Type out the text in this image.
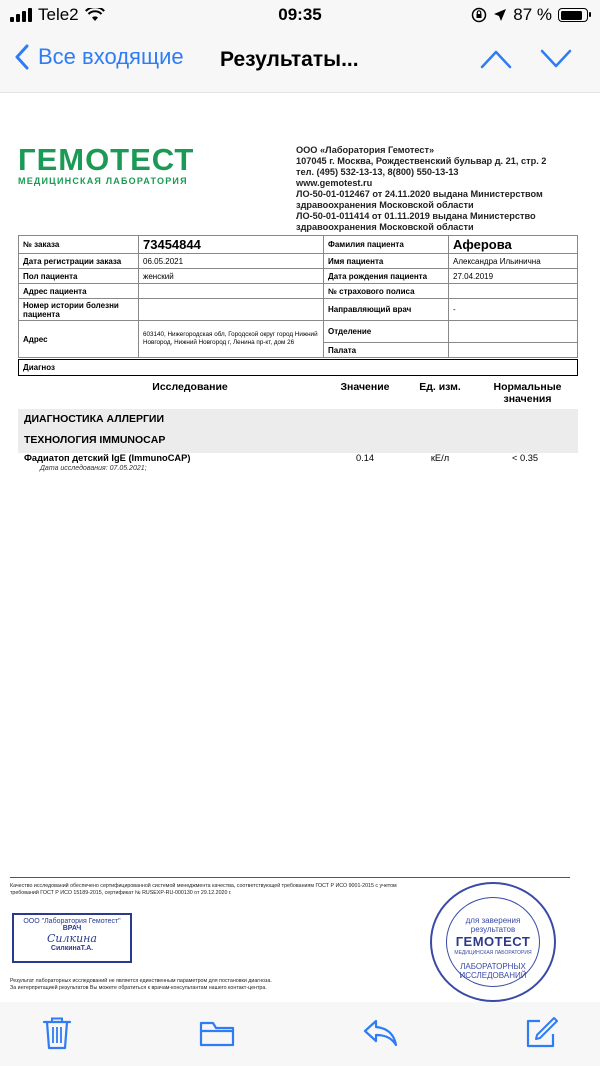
Tele2	09:35	87 %
Все входящие Результаты...
ГЕМОТЕСТ
МЕДИЦИНСКАЯ ЛАБОРАТОРИЯ
ООО «Лаборатория Гемотест»
107045 г. Москва, Рождественский бульвар д. 21, стр. 2
тел. (495) 532-13-13, 8(800) 550-13-13
www.gemotest.ru
ЛО-50-01-012467 от 24.11.2020 выдана Министерством здравоохранения Московской области
ЛО-50-01-011414 от 01.11.2019 выдана Министерство здравоохранения Московской области
№ заказа	73454844	Фамилия пациента	Аферова
Дата регистрации заказа	06.05.2021	Имя пациента	Александра Ильинична
Пол пациента	женский	Дата рождения пациента	27.04.2019
Адрес пациента		№ страхового полиса	
Номер истории болезни пациента		Направляющий врач	-
Адрес	603140, Нижегородская обл, Городской округ город Нижний Новгород, Нижний Новгород г, Ленина пр-кт, дом 26	Отделение	
		Палата	
Диагноз
Исследование	Значение	Ед. изм.	Нормальные значения
ДИАГНОСТИКА АЛЛЕРГИИ
ТЕХНОЛОГИЯ IMMUNOCAP
Фадиатоп детский IgE (ImmunoCAP)	0.14	кЕ/л	< 0.35
Дата исследования: 07.05.2021;
Качество исследований обеспечено сертифицированной системой менеджмента качества, соответствующей требованиям ГОСТ Р ИСО 9001-2015 с учетом требований ГОСТ Р ИСО 15189-2015, сертификат № RUSEXP-RU-000130 от 29.12.2020 г.
ООО "Лаборатория Гемотест"
ВРАЧ
Силкина
СилкинаТ.А.
Результат лабораторных исследований не является единственным параметром для постановки диагноза.
За интерпретацией результатов Вы можете обратиться к врачам-консультантам нашего контакт-центра.
для заверения результатов
ГЕМОТЕСТ
МЕДИЦИНСКАЯ ЛАБОРАТОРИЯ
ЛАБОРАТОРНЫХ ИССЛЕДОВАНИЙ
